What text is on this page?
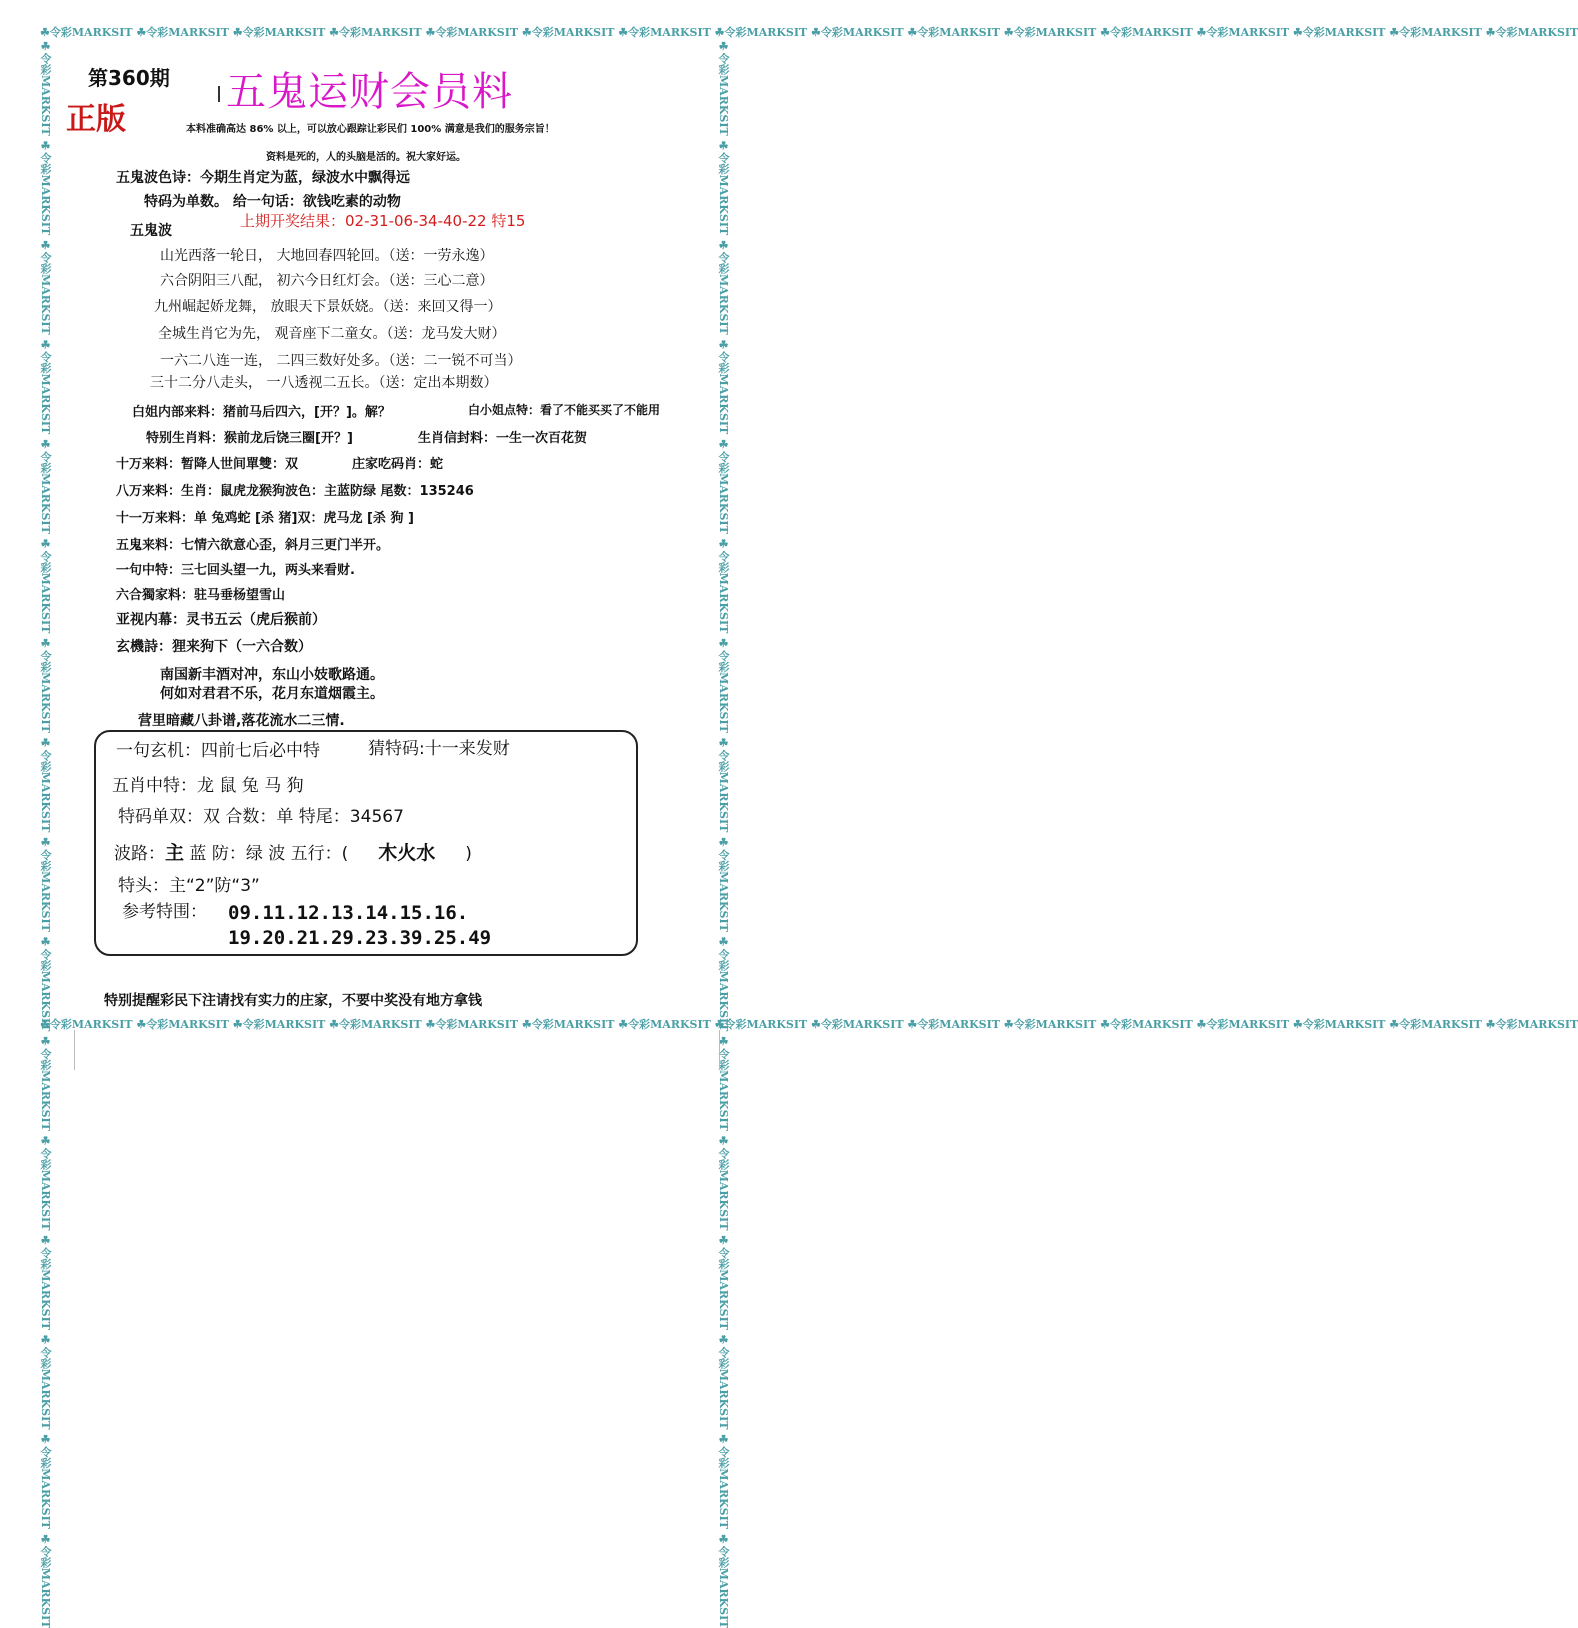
☘令彩MARKSIT ☘令彩MARKSIT ☘令彩MARKSIT ☘令彩MARKSIT ☘令彩MARKSIT ☘令彩MARKSIT ☘令彩MARKSIT ☘令彩MARKSIT ☘令彩MARKSIT ☘令彩MARKSIT ☘令彩MARKSIT ☘令彩MARKSIT ☘令彩MARKSIT ☘令彩MARKSIT ☘令彩MARKSIT ☘令彩MARKSIT
☘令彩MARKSIT ☘令彩MARKSIT ☘令彩MARKSIT ☘令彩MARKSIT ☘令彩MARKSIT ☘令彩MARKSIT ☘令彩MARKSIT ☘令彩MARKSIT ☘令彩MARKSIT ☘令彩MARKSIT ☘令彩MARKSIT ☘令彩MARKSIT ☘令彩MARKSIT ☘令彩MARKSIT ☘令彩MARKSIT ☘令彩MARKSIT
☘令彩MARKSIT ☘令彩MARKSIT ☘令彩MARKSIT ☘令彩MARKSIT ☘令彩MARKSIT ☘令彩MARKSIT ☘令彩MARKSIT ☘令彩MARKSIT ☘令彩MARKSIT ☘令彩MARKSIT ☘令彩MARKSIT ☘令彩MARKSIT ☘令彩MARKSIT ☘令彩MARKSIT ☘令彩MARKSIT ☘令彩MARKSIT	☘令彩MARKSIT ☘令彩MARKSIT ☘令彩MARKSIT ☘令彩MARKSIT ☘令彩MARKSIT ☘令彩MARKSIT ☘令彩MARKSIT ☘令彩MARKSIT ☘令彩MARKSIT ☘令彩MARKSIT ☘令彩MARKSIT ☘令彩MARKSIT ☘令彩MARKSIT ☘令彩MARKSIT ☘令彩MARKSIT ☘令彩MARKSIT
第360期
正版
五鬼运财会员料
本料准确高达 86% 以上，可以放心跟踪让彩民们 100% 满意是我们的服务宗旨！
资料是死的，人的头脑是活的。祝大家好运。
五鬼波色诗：今期生肖定为蓝，绿波水中飘得远
特码为单数。 给一句话：欲钱吃素的动物
上期开奖结果：02-31-06-34-40-22 特15
五鬼波
山光西落一轮日， 大地回春四轮回。（送：一劳永逸）
六合阴阳三八配， 初六今日红灯会。（送：三心二意）
九州崛起娇龙舞， 放眼天下景妖娆。（送：来回又得一）
全城生肖它为先， 观音座下二童女。（送：龙马发大财）
一六二八连一连， 二四三数好处多。（送：二一锐不可当）
三十二分八走头， 一八透视二五长。（送：定出本期数）
白姐内部来料：猪前马后四六，[开？]。解？	白小姐点特：看了不能买买了不能用
特别生肖料：猴前龙后饶三圈[开？]	生肖信封料：一生一次百花贺
十万来料：暂降人世间單雙：双	庄家吃码肖：蛇
八万来料：生肖：鼠虎龙猴狗波色：主蓝防绿 尾数：135246
十一万来料：单 兔鸡蛇 [杀 猪]双：虎马龙 [杀 狗 ]
五鬼来料：七情六欲意心歪，斜月三更门半开。
一句中特：三七回头望一九，两头来看财.
六合獨家料：驻马垂杨望雪山
亚视内幕：灵书五云（虎后猴前）
玄機詩：狸来狗下（一六合数）
南国新丰酒对冲，东山小妓歌路通。
何如对君君不乐，花月东道烟霞主。
营里暗藏八卦谱,落花流水二三情.
一句玄机：四前七后必中特	猜特码:十一来发财
五肖中特：龙 鼠 兔 马 狗
特码单双：双 合数：单 特尾：34567
波路：主 蓝 防：绿 波 五行：( 木火水 )
特头：主“2”防“3”
参考特围： 09.11.12.13.14.15.16.
19.20.21.29.23.39.25.49
特别提醒彩民下注请找有实力的庄家，不要中奖没有地方拿钱
